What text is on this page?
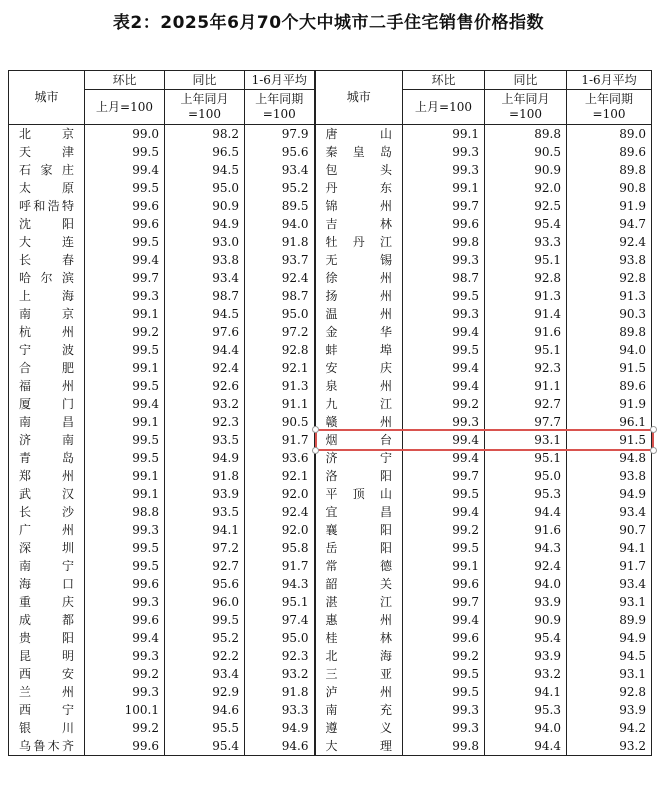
表2：2025年6月70个大中城市二手住宅销售价格指数
城市	环比	同比	1-6月平均	城市	环比	同比	1-6月平均
	上月=100	上年同月=100	上年同期=100		上月=100	上年同月=100	上年同期=100
北京	99.0	98.2	97.9	唐山	99.1	89.8	89.0
天津	99.5	96.5	95.6	秦皇岛	99.3	90.5	89.6
石家庄	99.4	94.5	93.4	包头	99.3	90.9	89.8
太原	99.5	95.0	95.2	丹东	99.1	92.0	90.8
呼和浩特	99.6	90.9	89.5	锦州	99.7	92.5	91.9
沈阳	99.6	94.9	94.0	吉林	99.6	95.4	94.7
大连	99.5	93.0	91.8	牡丹江	99.8	93.3	92.4
长春	99.4	93.8	93.7	无锡	99.3	95.1	93.8
哈尔滨	99.7	93.4	92.4	徐州	98.7	92.8	92.8
上海	99.3	98.7	98.7	扬州	99.5	91.3	91.3
南京	99.1	94.5	95.0	温州	99.3	91.4	90.3
杭州	99.2	97.6	97.2	金华	99.4	91.6	89.8
宁波	99.5	94.4	92.8	蚌埠	99.5	95.1	94.0
合肥	99.1	92.4	92.1	安庆	99.4	92.3	91.5
福州	99.5	92.6	91.3	泉州	99.4	91.1	89.6
厦门	99.4	93.2	91.1	九江	99.2	92.7	91.9
南昌	99.1	92.3	90.5	赣州	99.3	97.7	96.1
济南	99.5	93.5	91.7	烟台	99.4	93.1	91.5
青岛	99.5	94.9	93.6	济宁	99.4	95.1	94.8
郑州	99.1	91.8	92.1	洛阳	99.7	95.0	93.8
武汉	99.1	93.9	92.0	平顶山	99.5	95.3	94.9
长沙	98.8	93.5	92.4	宜昌	99.4	94.4	93.4
广州	99.3	94.1	92.0	襄阳	99.2	91.6	90.7
深圳	99.5	97.2	95.8	岳阳	99.5	94.3	94.1
南宁	99.5	92.7	91.7	常德	99.1	92.4	91.7
海口	99.6	95.6	94.3	韶关	99.6	94.0	93.4
重庆	99.3	96.0	95.1	湛江	99.7	93.9	93.1
成都	99.6	99.5	97.4	惠州	99.4	90.9	89.9
贵阳	99.4	95.2	95.0	桂林	99.6	95.4	94.9
昆明	99.3	92.2	92.3	北海	99.2	93.9	94.5
西安	99.2	93.4	93.2	三亚	99.5	93.2	93.1
兰州	99.3	92.9	91.8	泸州	99.5	94.1	92.8
西宁	100.1	94.6	93.3	南充	99.3	95.3	93.9
银川	99.2	95.5	94.9	遵义	99.3	94.0	94.2
乌鲁木齐	99.6	95.4	94.6	大理	99.8	94.4	93.2
